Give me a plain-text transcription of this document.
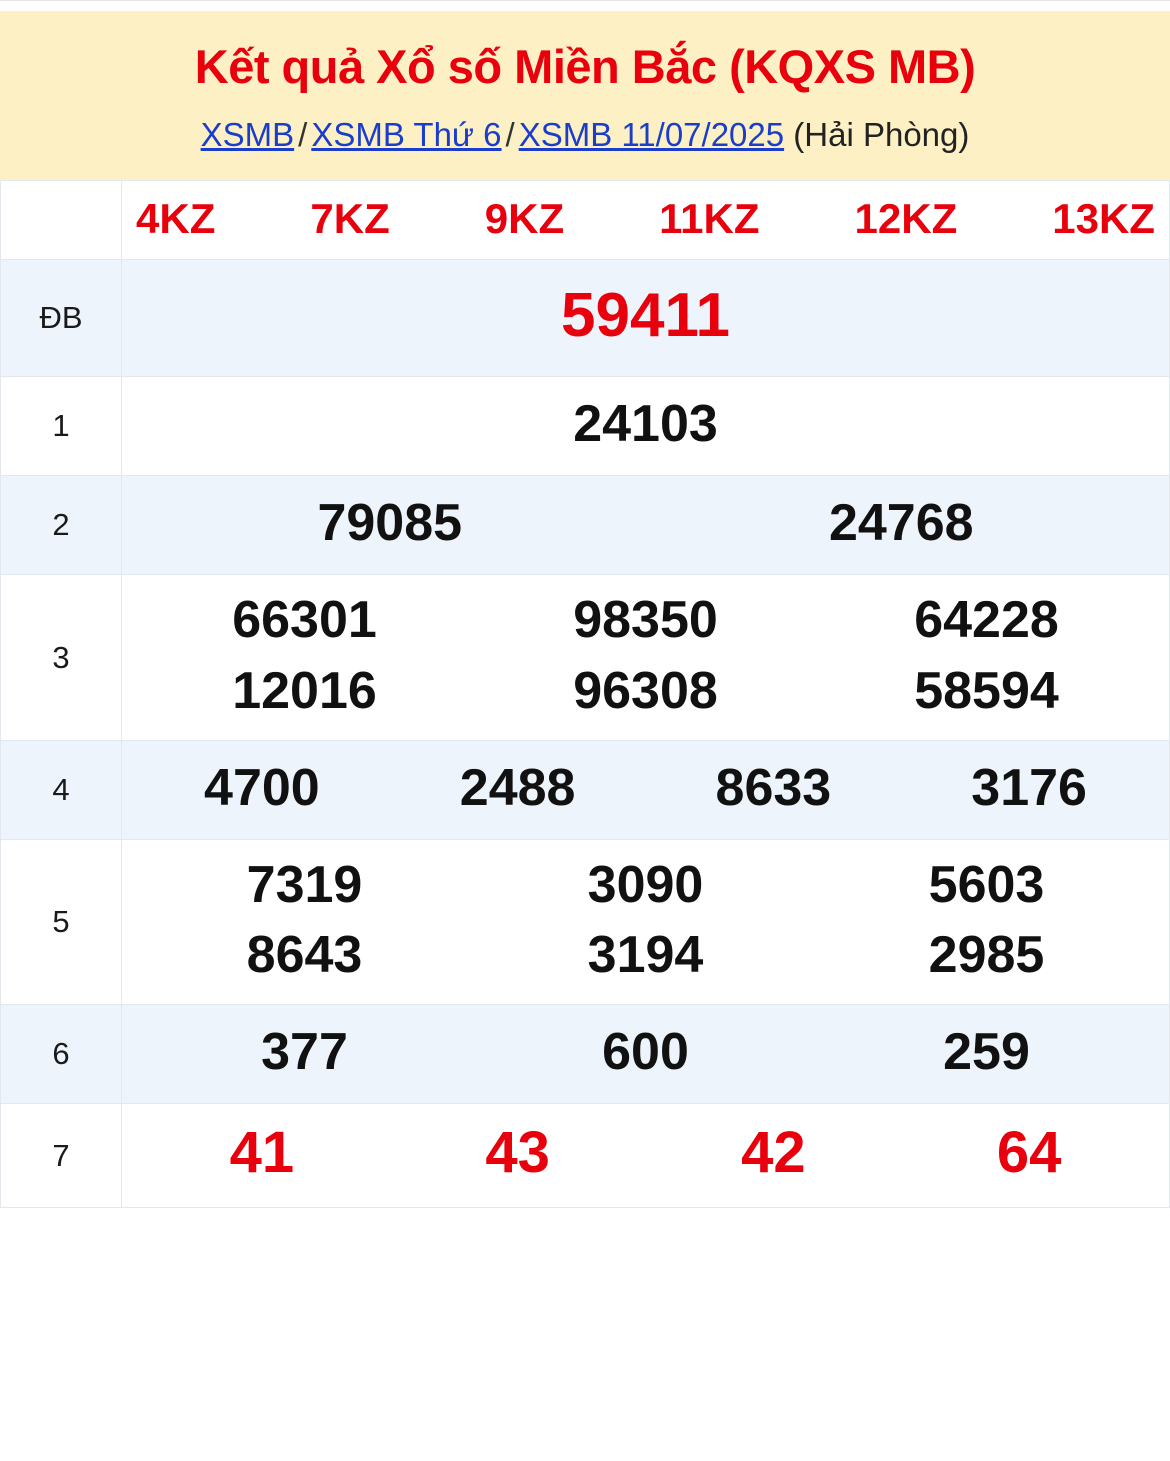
Kết quả Xổ số Miền Bắc (KQXS MB)
XSMB / XSMB Thứ 6 / XSMB 11/07/2025 (Hải Phòng)

4KZ 7KZ 9KZ 11KZ 12KZ 13KZ

ĐB	59411

1	24103

2	79085 24768

3	
66301	98350	64228
12016	96308	58594

4	4700 2488 8633 3176

5	
7319	3090	5603
8643	3194	2985

6	377 600 259

7	41 43 42 64
